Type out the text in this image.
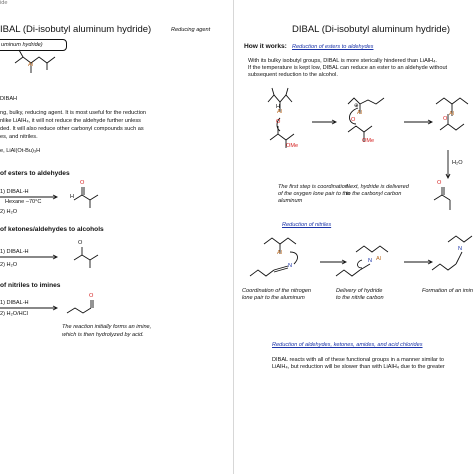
ide
IBAL (Di-isobutyl aluminum hydride)	Reducing agent
uminum hydride)
Al
DIBAH
ng, bulky, reducing agent. It is most useful for the reduction
nlike LiAlH₄, it will not reduce the aldehyde further unless
ded. It will also reduce other carbonyl compounds such as
es, and nitriles.
e, LiAl(Ot-Bu)₃H
of esters to aldehydes
1) DIBAL-H
Hexane –70°C
2) H₂O
of ketones/aldehydes to alcohols
1) DIBAL-H
2) H₂O
of nitriles to imines
1) DIBAL-H
2) H₂O/HCl
The reaction initially forms an imine,
which is then hydrolyzed by acid.
H
O
O
O
DIBAL (Di-isobutyl aluminum hydride)
How it works: Reduction of esters to aldehydes
With its bulky isobutyl groups, DIBAL is more sterically hindered than LiAlH₄.
If the temperature is kept low, DIBAL can reduce an ester to an aldehyde without
subsequent reduction to the alcohol.
Al
H
O
OMe
⊕
Al
O
OMe
Al
O
H₂O
O
The first step is coordination
of the oxygen lone pair to the
aluminum
Next, hydride is delivered
to the carbonyl carbon
Reduction of nitriles
Al
N
N Al
N
Coordination of the nitrogen
lone pair to the aluminum
Delivery of hydride
to the nitrile carbon
Formation of an imin
Reduction of aldehydes, ketones, amides, and acid chlorides
DIBAL reacts with all of these functional groups in a manner similar to
LiAlH₄, but reduction will be slower than with LiAlH₄ due to the greater
